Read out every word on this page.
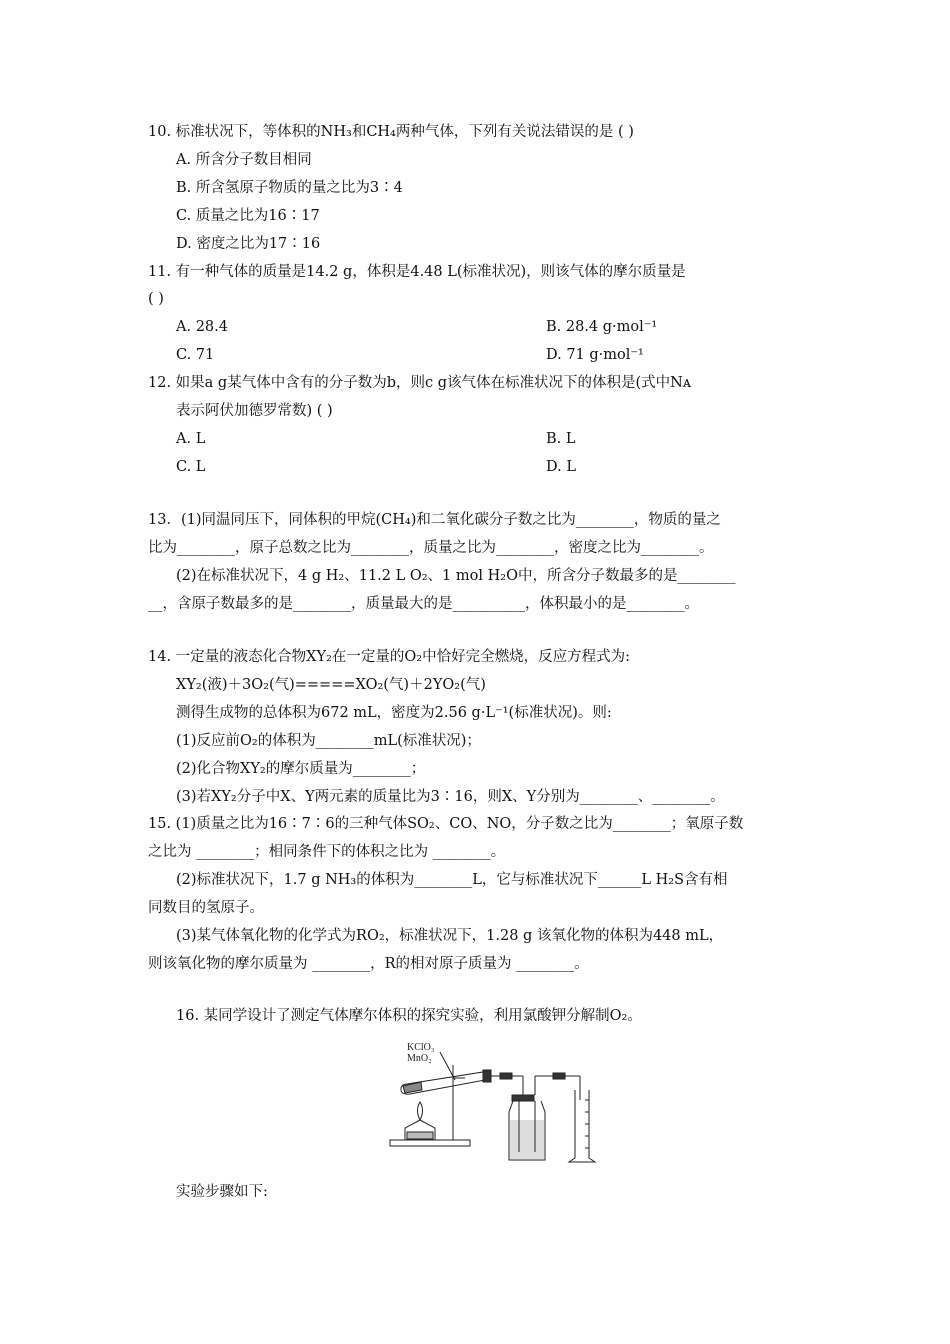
10. 标准状况下，等体积的NH₃和CH₄两种气体，下列有关说法错误的是 ( )
A. 所含分子数目相同
B. 所含氢原子物质的量之比为3∶4
C. 质量之比为16∶17
D. 密度之比为17∶16
11. 有一种气体的质量是14.2 g，体积是4.48 L(标准状况)，则该气体的摩尔质量是
( )
A. 28.4	B. 28.4 g·mol⁻¹
C. 71	D. 71 g·mol⁻¹
12. 如果a g某气体中含有的分子数为b，则c g该气体在标准状况下的体积是(式中Nᴀ
表示阿伏加德罗常数) ( )
A. L	B. L
C. L	D. L
13．(1)同温同压下，同体积的甲烷(CH₄)和二氧化碳分子数之比为________，物质的量之
比为________，原子总数之比为________，质量之比为________，密度之比为________。
(2)在标准状况下，4 g H₂、11.2 L O₂、1 mol H₂O中，所含分子数最多的是________
__，含原子数最多的是________，质量最大的是__________，体积最小的是________。
14. 一定量的液态化合物XY₂在一定量的O₂中恰好完全燃烧，反应方程式为:
XY₂(液)＋3O₂(气)=====XO₂(气)＋2YO₂(气)
测得生成物的总体积为672 mL，密度为2.56 g·L⁻¹(标准状况)。则:
(1)反应前O₂的体积为________mL(标准状况)；
(2)化合物XY₂的摩尔质量为________；
(3)若XY₂分子中X、Y两元素的质量比为3∶16，则X、Y分别为________、________。
15. (1)质量之比为16∶7∶6的三种气体SO₂、CO、NO，分子数之比为________；氧原子数
之比为 ________；相同条件下的体积之比为 ________。
(2)标准状况下，1.7 g NH₃的体积为________L，它与标准状况下______L H₂S含有相
同数目的氢原子。
(3)某气体氧化物的化学式为RO₂，标准状况下，1.28 g 该氧化物的体积为448 mL，
则该氧化物的摩尔质量为 ________，R的相对原子质量为 ________。
16. 某同学设计了测定气体摩尔体积的探究实验，利用氯酸钾分解制O₂。
KClO₃
MnO₂
实验步骤如下:
